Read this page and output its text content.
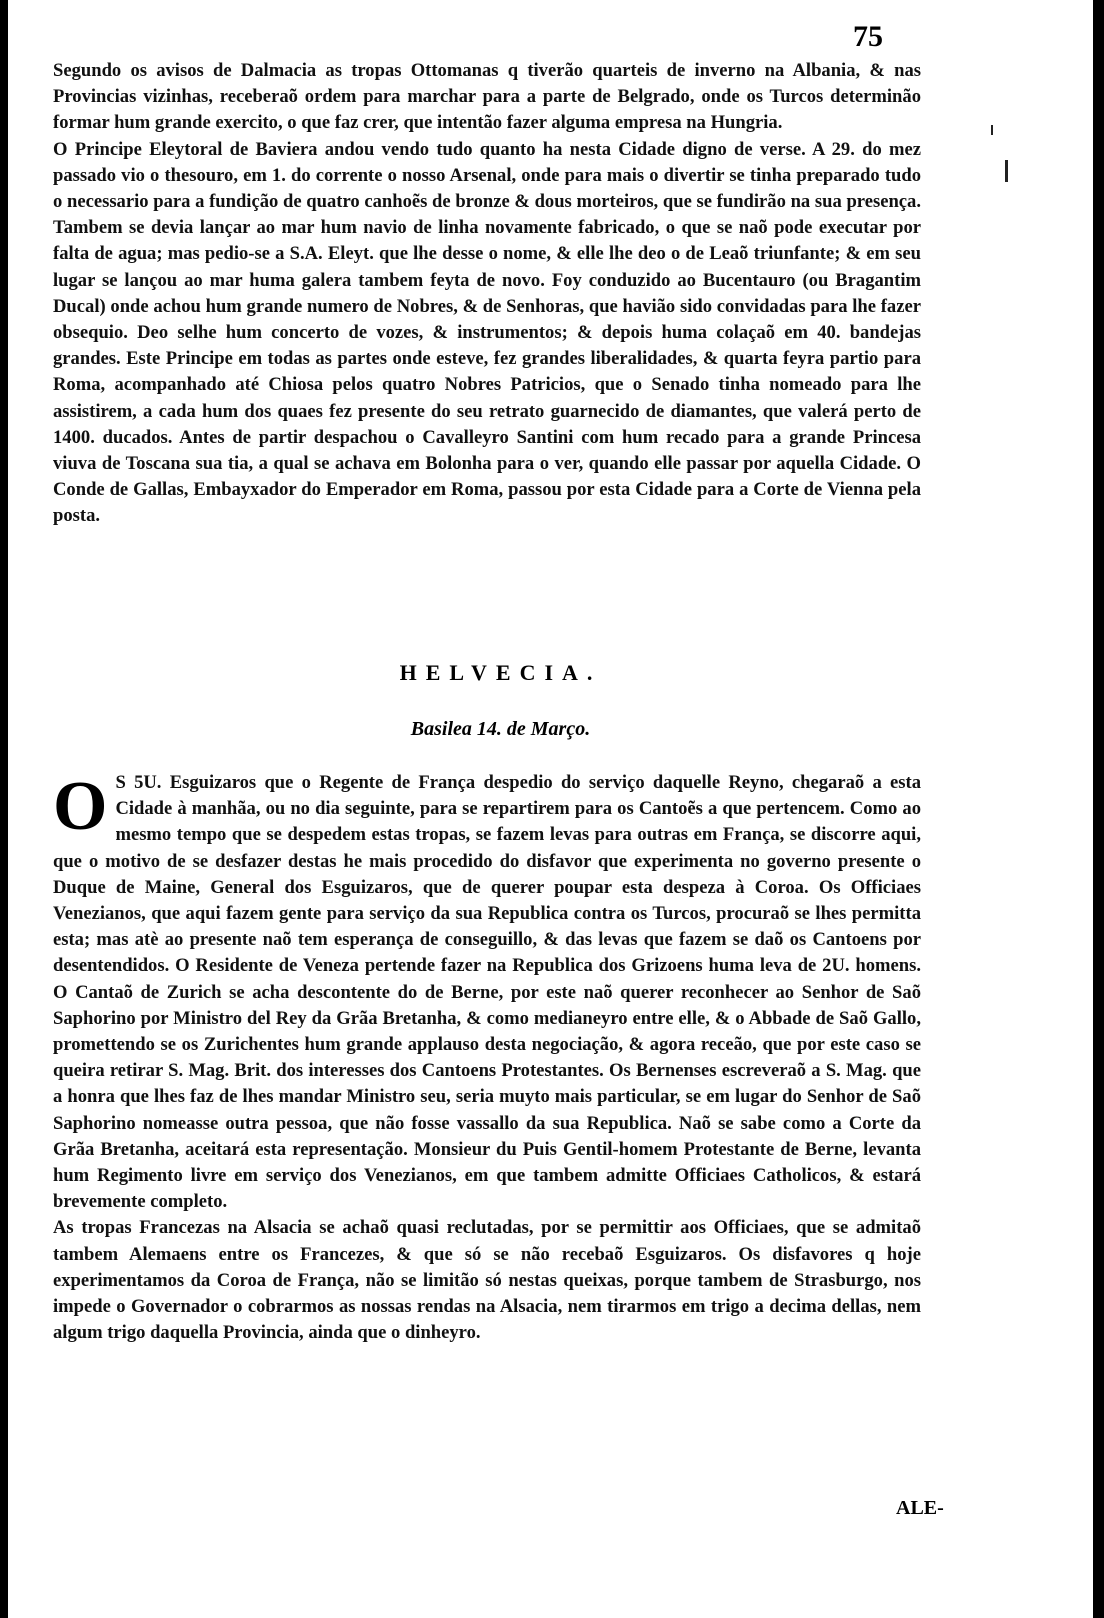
75

Segundo os avisos de Dalmacia as tropas Ottomanas q tiverão quarteis de inverno na Albania, & nas Provincias vizinhas, receberaõ ordem para marchar para a parte de Belgrado, onde os Turcos determinão formar hum grande exercito, o que faz crer, que intentão fazer alguma empresa na Hungria.

O Principe Eleytoral de Baviera andou vendo tudo quanto ha nesta Cidade digno de verse. A 29. do mez passado vio o thesouro, em 1. do corrente o nosso Arsenal, onde para mais o divertir se tinha preparado tudo o necessario para a fundição de quatro canhoẽs de bronze & dous morteiros, que se fundirão na sua presença. Tambem se devia lançar ao mar hum navio de linha novamente fabricado, o que se naõ pode executar por falta de agua; mas pedio-se a S.A. Eleyt. que lhe desse o nome, & elle lhe deo o de Leaõ triunfante; & em seu lugar se lançou ao mar huma galera tambem feyta de novo. Foy conduzido ao Bucentauro (ou Bragantim Ducal) onde achou hum grande numero de Nobres, & de Senhoras, que havião sido convidadas para lhe fazer obsequio. Deo selhe hum concerto de vozes, & instrumentos; & depois huma colaçaõ em 40. bandejas grandes. Este Principe em todas as partes onde esteve, fez grandes liberalidades, & quarta feyra partio para Roma, acompanhado até Chiosa pelos quatro Nobres Patricios, que o Senado tinha nomeado para lhe assistirem, a cada hum dos quaes fez presente do seu retrato guarnecido de diamantes, que valerá perto de 1400. ducados. Antes de partir despachou o Cavalleyro Santini com hum recado para a grande Princesa viuva de Toscana sua tia, a qual se achava em Bolonha para o ver, quando elle passar por aquella Cidade. O Conde de Gallas, Embayxador do Emperador em Roma, passou por esta Cidade para a Corte de Vienna pela posta.

HELVECIA.
Basilea 14. de Março.
O S 5U. Esguizaros que o Regente de França despedio do serviço daquelle Reyno, chegaraõ a esta Cidade à manhãa, ou no dia seguinte, para se repartirem para os Cantoẽs a que pertencem. Como ao mesmo tempo que se despedem estas tropas, se fazem levas para outras em França, se discorre aqui, que o motivo de se desfazer destas he mais procedido do disfavor que experimenta no governo presente o Duque de Maine, General dos Esguizaros, que de querer poupar esta despeza à Coroa. Os Officiaes Venezianos, que aqui fazem gente para serviço da sua Republica contra os Turcos, procuraõ se lhes permitta esta; mas atè ao presente naõ tem esperança de conseguillo, & das levas que fazem se daõ os Cantoens por desentendidos. O Residente de Veneza pertende fazer na Republica dos Grizoens huma leva de 2U. homens. O Cantaõ de Zurich se acha descontente do de Berne, por este naõ querer reconhecer ao Senhor de Saõ Saphorino por Ministro del Rey da Grãa Bretanha, & como medianeyro entre elle, & o Abbade de Saõ Gallo, promettendo se os Zurichentes hum grande applauso desta negociação, & agora receão, que por este caso se queira retirar S. Mag. Brit. dos interesses dos Cantoens Protestantes. Os Bernenses escreveraõ a S. Mag. que a honra que lhes faz de lhes mandar Ministro seu, seria muyto mais particular, se em lugar do Senhor de Saõ Saphorino nomeasse outra pessoa, que não fosse vassallo da sua Republica. Naõ se sabe como a Corte da Grãa Bretanha, aceitará esta representação. Monsieur du Puis Gentil-homem Protestante de Berne, levanta hum Regimento livre em serviço dos Venezianos, em que tambem admitte Officiaes Catholicos, & estará brevemente completo.

As tropas Francezas na Alsacia se achaõ quasi reclutadas, por se permittir aos Officiaes, que se admitaõ tambem Alemaens entre os Francezes, & que só se não recebaõ Esguizaros. Os disfavores q hoje experimentamos da Coroa de França, não se limitão só nestas queixas, porque tambem de Strasburgo, nos impede o Governador o cobrarmos as nossas rendas na Alsacia, nem tirarmos em trigo a decima dellas, nem algum trigo daquella Provincia, ainda que o dinheyro.

ALE-
